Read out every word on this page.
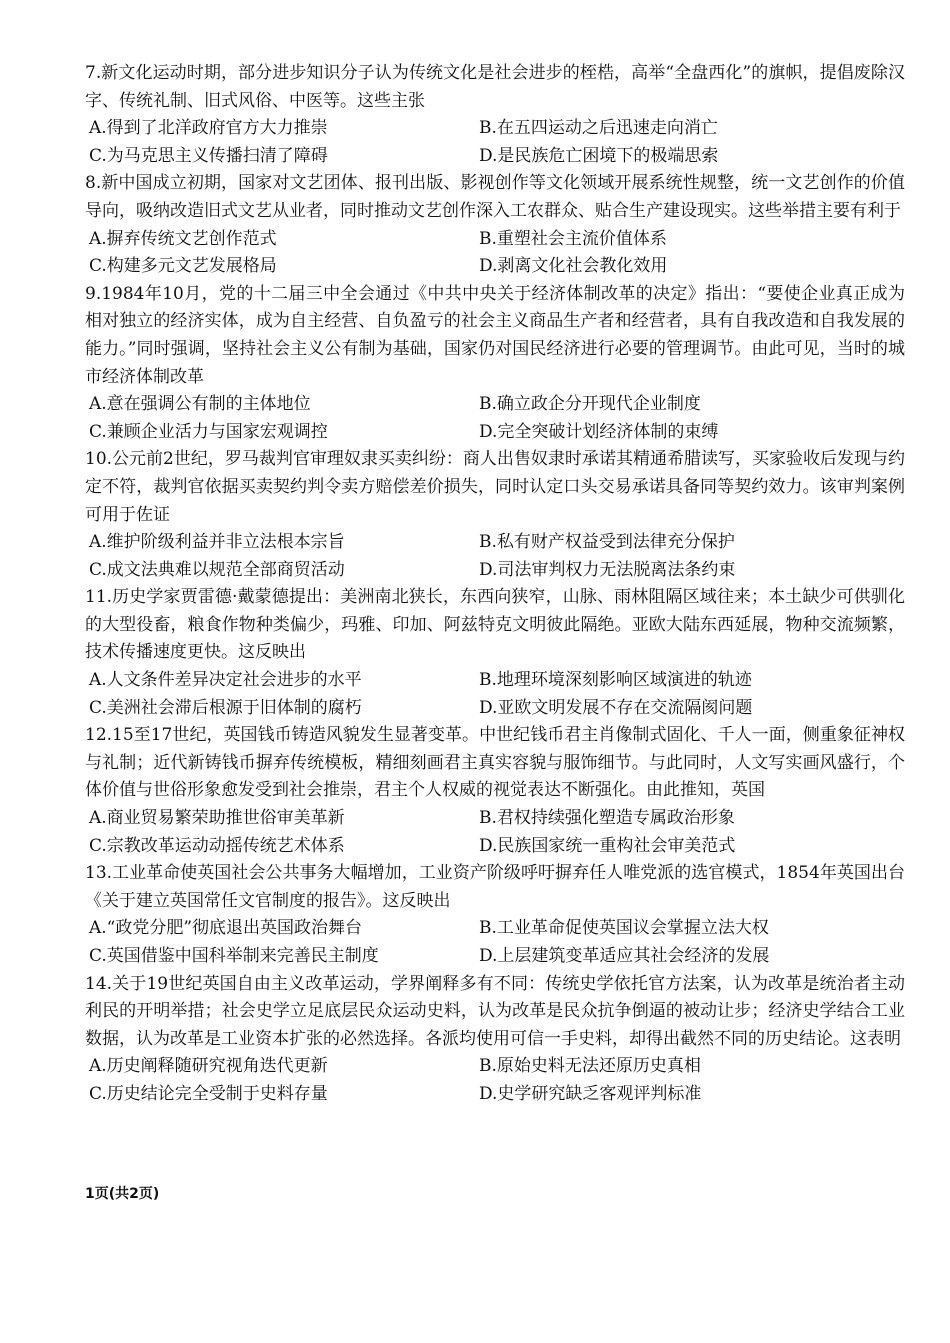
7.新文化运动时期，部分进步知识分子认为传统文化是社会进步的桎梏，高举“全盘西化”的旗帜，提倡废除汉字、传统礼制、旧式风俗、中医等。这些主张

A.得到了北洋政府官方大力推崇	B.在五四运动之后迅速走向消亡
C.为马克思主义传播扫清了障碍	D.是民族危亡困境下的极端思索

8.新中国成立初期，国家对文艺团体、报刊出版、影视创作等文化领域开展系统性规整，统一文艺创作的价值导向，吸纳改造旧式文艺从业者，同时推动文艺创作深入工农群众、贴合生产建设现实。这些举措主要有利于

A.摒弃传统文艺创作范式	B.重塑社会主流价值体系
C.构建多元文艺发展格局	D.剥离文化社会教化效用

9.1984年10月，党的十二届三中全会通过《中共中央关于经济体制改革的决定》指出：“要使企业真正成为相对独立的经济实体，成为自主经营、自负盈亏的社会主义商品生产者和经营者，具有自我改造和自我发展的能力。”同时强调，坚持社会主义公有制为基础，国家仍对国民经济进行必要的管理调节。由此可见，当时的城市经济体制改革

A.意在强调公有制的主体地位	B.确立政企分开现代企业制度
C.兼顾企业活力与国家宏观调控	D.完全突破计划经济体制的束缚

10.公元前2世纪，罗马裁判官审理奴隶买卖纠纷：商人出售奴隶时承诺其精通希腊读写，买家验收后发现与约定不符，裁判官依据买卖契约判令卖方赔偿差价损失，同时认定口头交易承诺具备同等契约效力。该审判案例可用于佐证

A.维护阶级利益并非立法根本宗旨	B.私有财产权益受到法律充分保护
C.成文法典难以规范全部商贸活动	D.司法审判权力无法脱离法条约束

11.历史学家贾雷德·戴蒙德提出：美洲南北狭长，东西向狭窄，山脉、雨林阻隔区域往来；本土缺少可供驯化的大型役畜，粮食作物种类偏少，玛雅、印加、阿兹特克文明彼此隔绝。亚欧大陆东西延展，物种交流频繁，技术传播速度更快。这反映出

A.人文条件差异决定社会进步的水平	B.地理环境深刻影响区域演进的轨迹
C.美洲社会滞后根源于旧体制的腐朽	D.亚欧文明发展不存在交流隔阂问题

12.15至17世纪，英国钱币铸造风貌发生显著变革。中世纪钱币君主肖像制式固化、千人一面，侧重象征神权与礼制；近代新铸钱币摒弃传统模板，精细刻画君主真实容貌与服饰细节。与此同时，人文写实画风盛行，个体价值与世俗形象愈发受到社会推崇，君主个人权威的视觉表达不断强化。由此推知，英国

A.商业贸易繁荣助推世俗审美革新	B.君权持续强化塑造专属政治形象
C.宗教改革运动动摇传统艺术体系	D.民族国家统一重构社会审美范式

13.工业革命使英国社会公共事务大幅增加，工业资产阶级呼吁摒弃任人唯党派的选官模式，1854年英国出台《关于建立英国常任文官制度的报告》。这反映出

A.“政党分肥”彻底退出英国政治舞台	B.工业革命促使英国议会掌握立法大权
C.英国借鉴中国科举制来完善民主制度	D.上层建筑变革适应其社会经济的发展

14.关于19世纪英国自由主义改革运动，学界阐释多有不同：传统史学依托官方法案，认为改革是统治者主动利民的开明举措；社会史学立足底层民众运动史料，认为改革是民众抗争倒逼的被动让步；经济史学结合工业数据，认为改革是工业资本扩张的必然选择。各派均使用可信一手史料，却得出截然不同的历史结论。这表明

A.历史阐释随研究视角迭代更新	B.原始史料无法还原历史真相
C.历史结论完全受制于史料存量	D.史学研究缺乏客观评判标准
1页(共2页)
